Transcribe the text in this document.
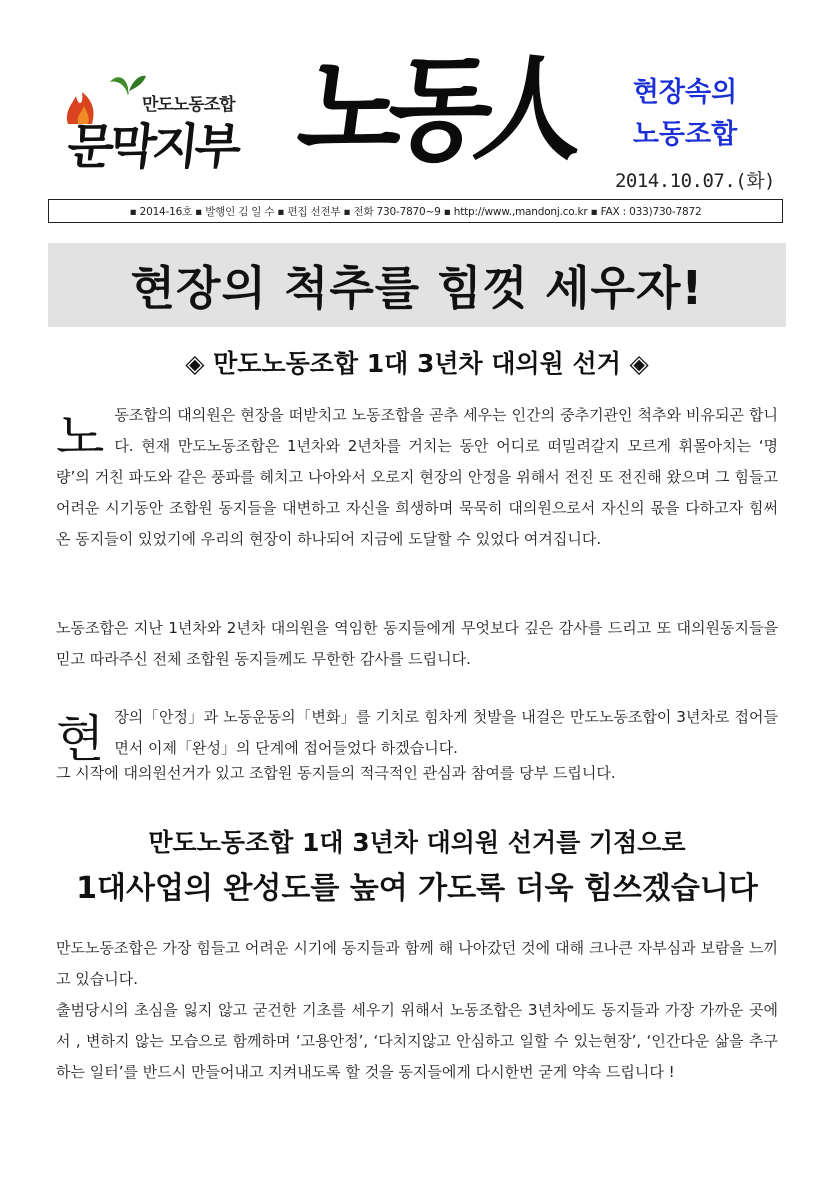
만도노동조합
문막지부 노동人	현장속의
노동조합
2014.10.07.(화)
▪ 2014-16호 ▪ 발행인 김 일 수 ▪ 편집 선전부 ▪ 전화 730-7870~9 ▪ http://www.,mandonj.co.kr ▪ FAX : 033)730-7872
현장의 척추를 힘껏 세우자!
◈ 만도노동조합 1대 3년차 대의원 선거 ◈
노 동조합의 대의원은 현장을 떠받치고 노동조합을 곧추 세우는 인간의 중추기관인 척추와 비유되곤 합니다. 현재 만도노동조합은 1년차와 2년차를 거치는 동안 어디로 떠밀려갈지 모르게 휘몰아치는 ‘명량’의 거친 파도와 같은 풍파를 헤치고 나아와서 오로지 현장의 안정을 위해서 전진 또 전진해 왔으며 그 힘들고 어려운 시기동안 조합원 동지들을 대변하고 자신을 희생하며 묵묵히 대의원으로서 자신의 몫을 다하고자 힘써 온 동지들이 있었기에 우리의 현장이 하나되어 지금에 도달할 수 있었다 여겨집니다.
노동조합은 지난 1년차와 2년차 대의원을 역임한 동지들에게 무엇보다 깊은 감사를 드리고 또 대의원동지들을 믿고 따라주신 전체 조합원 동지들께도 무한한 감사를 드립니다.
현 장의「안정」과 노동운동의「변화」를 기치로 힘차게 첫발을 내걸은 만도노동조합이 3년차로 접어들면서 이제「완성」의 단계에 접어들었다 하겠습니다.
그 시작에 대의원선거가 있고 조합원 동지들의 적극적인 관심과 참여를 당부 드립니다.
만도노동조합 1대 3년차 대의원 선거를 기점으로
1대사업의 완성도를 높여 가도록 더욱 힘쓰겠습니다
만도노동조합은 가장 힘들고 어려운 시기에 동지들과 함께 해 나아갔던 것에 대해 크나큰 자부심과 보람을 느끼고 있습니다.
출범당시의 초심을 잃지 않고 굳건한 기초를 세우기 위해서 노동조합은 3년차에도 동지들과 가장 가까운 곳에서 , 변하지 않는 모습으로 함께하며 ‘고용안정’, ‘다치지않고 안심하고 일할 수 있는현장’, ‘인간다운 삶을 추구하는 일터’를 반드시 만들어내고 지켜내도록 할 것을 동지들에게 다시한번 굳게 약속 드립니다 !
